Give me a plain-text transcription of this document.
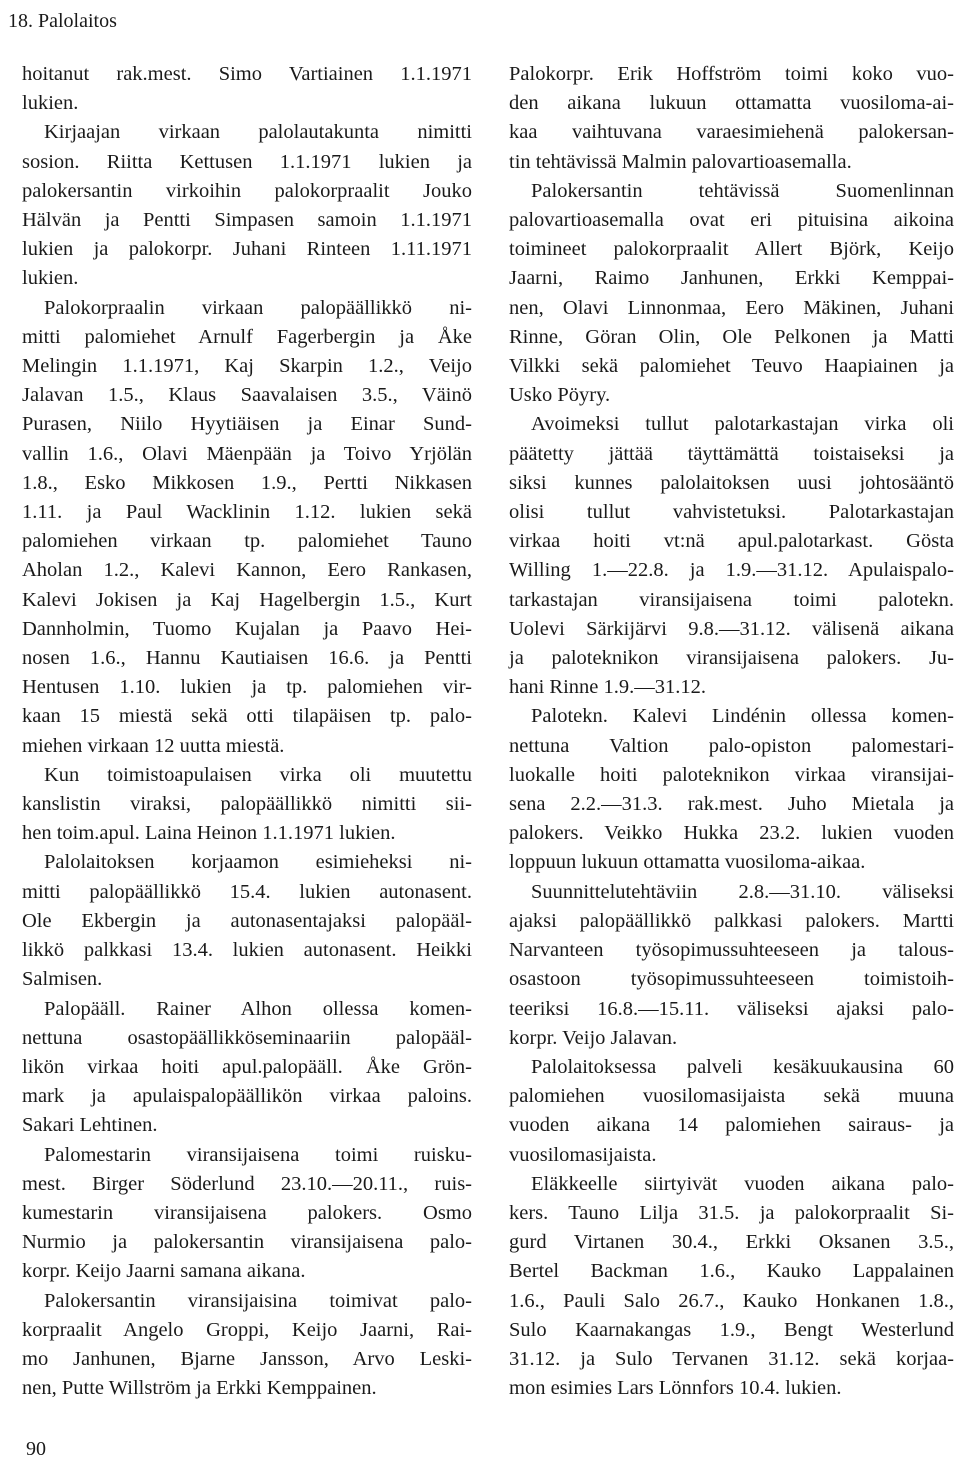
18. Palolaitos
hoitanut rak.mest. Simo Vartiainen 1.1.1971
lukien.
Kirjaajan virkaan palolautakunta nimitti
sosion. Riitta Kettusen 1.1.1971 lukien ja
palokersantin virkoihin palokorpraalit Jouko
Hälvän ja Pentti Simpasen samoin 1.1.1971
lukien ja palokorpr. Juhani Rinteen 1.11.1971
lukien.
Palokorpraalin virkaan palopäällikkö ni-
mitti palomiehet Arnulf Fagerbergin ja Åke
Melingin 1.1.1971, Kaj Skarpin 1.2., Veijo
Jalavan 1.5., Klaus Saavalaisen 3.5., Väinö
Purasen, Niilo Hyytiäisen ja Einar Sund-
vallin 1.6., Olavi Mäenpään ja Toivo Yrjölän
1.8., Esko Mikkosen 1.9., Pertti Nikkasen
1.11. ja Paul Wacklinin 1.12. lukien sekä
palomiehen virkaan tp. palomiehet Tauno
Aholan 1.2., Kalevi Kannon, Eero Rankasen,
Kalevi Jokisen ja Kaj Hagelbergin 1.5., Kurt
Dannholmin, Tuomo Kujalan ja Paavo Hei-
nosen 1.6., Hannu Kautiaisen 16.6. ja Pentti
Hentusen 1.10. lukien ja tp. palomiehen vir-
kaan 15 miestä sekä otti tilapäisen tp. palo-
miehen virkaan 12 uutta miestä.
Kun toimistoapulaisen virka oli muutettu
kanslistin viraksi, palopäällikkö nimitti sii-
hen toim.apul. Laina Heinon 1.1.1971 lukien.
Palolaitoksen korjaamon esimieheksi ni-
mitti palopäällikkö 15.4. lukien autonasent.
Ole Ekbergin ja autonasentajaksi palopääl-
likkö palkkasi 13.4. lukien autonasent. Heikki
Salmisen.
Palopääll. Rainer Alhon ollessa komen-
nettuna osastopäällikköseminaariin palopääl-
likön virkaa hoiti apul.palopääll. Åke Grön-
mark ja apulaispalopäällikön virkaa paloins.
Sakari Lehtinen.
Palomestarin viransijaisena toimi ruisku-
mest. Birger Söderlund 23.10.—20.11., ruis-
kumestarin viransijaisena palokers. Osmo
Nurmio ja palokersantin viransijaisena palo-
korpr. Keijo Jaarni samana aikana.
Palokersantin viransijaisina toimivat palo-
korpraalit Angelo Groppi, Keijo Jaarni, Rai-
mo Janhunen, Bjarne Jansson, Arvo Leski-
nen, Putte Willström ja Erkki Kemppainen.
Palokorpr. Erik Hoffström toimi koko vuo-
den aikana lukuun ottamatta vuosiloma-ai-
kaa vaihtuvana varaesimiehenä palokersan-
tin tehtävissä Malmin palovartioasemalla.
Palokersantin tehtävissä Suomenlinnan
palovartioasemalla ovat eri pituisina aikoina
toimineet palokorpraalit Allert Björk, Keijo
Jaarni, Raimo Janhunen, Erkki Kemppai-
nen, Olavi Linnonmaa, Eero Mäkinen, Juhani
Rinne, Göran Olin, Ole Pelkonen ja Matti
Vilkki sekä palomiehet Teuvo Haapiainen ja
Usko Pöyry.
Avoimeksi tullut palotarkastajan virka oli
päätetty jättää täyttämättä toistaiseksi ja
siksi kunnes palolaitoksen uusi johtosääntö
olisi tullut vahvistetuksi. Palotarkastajan
virkaa hoiti vt:nä apul.palotarkast. Gösta
Willing 1.—22.8. ja 1.9.—31.12. Apulaispalo-
tarkastajan viransijaisena toimi palotekn.
Uolevi Särkijärvi 9.8.—31.12. välisenä aikana
ja paloteknikon viransijaisena palokers. Ju-
hani Rinne 1.9.—31.12.
Palotekn. Kalevi Lindénin ollessa komen-
nettuna Valtion palo-opiston palomestari-
luokalle hoiti paloteknikon virkaa viransijai-
sena 2.2.—31.3. rak.mest. Juho Mietala ja
palokers. Veikko Hukka 23.2. lukien vuoden
loppuun lukuun ottamatta vuosiloma-aikaa.
Suunnittelutehtäviin 2.8.—31.10. väliseksi
ajaksi palopäällikkö palkkasi palokers. Martti
Narvanteen työsopimussuhteeseen ja talous-
osastoon työsopimussuhteeseen toimistoih-
teeriksi 16.8.—15.11. väliseksi ajaksi palo-
korpr. Veijo Jalavan.
Palolaitoksessa palveli kesäkuukausina 60
palomiehen vuosilomasijaista sekä muuna
vuoden aikana 14 palomiehen sairaus- ja
vuosilomasijaista.
Eläkkeelle siirtyivät vuoden aikana palo-
kers. Tauno Lilja 31.5. ja palokorpraalit Si-
gurd Virtanen 30.4., Erkki Oksanen 3.5.,
Bertel Backman 1.6., Kauko Lappalainen
1.6., Pauli Salo 26.7., Kauko Honkanen 1.8.,
Sulo Kaarnakangas 1.9., Bengt Westerlund
31.12. ja Sulo Tervanen 31.12. sekä korjaa-
mon esimies Lars Lönnfors 10.4. lukien.
90
